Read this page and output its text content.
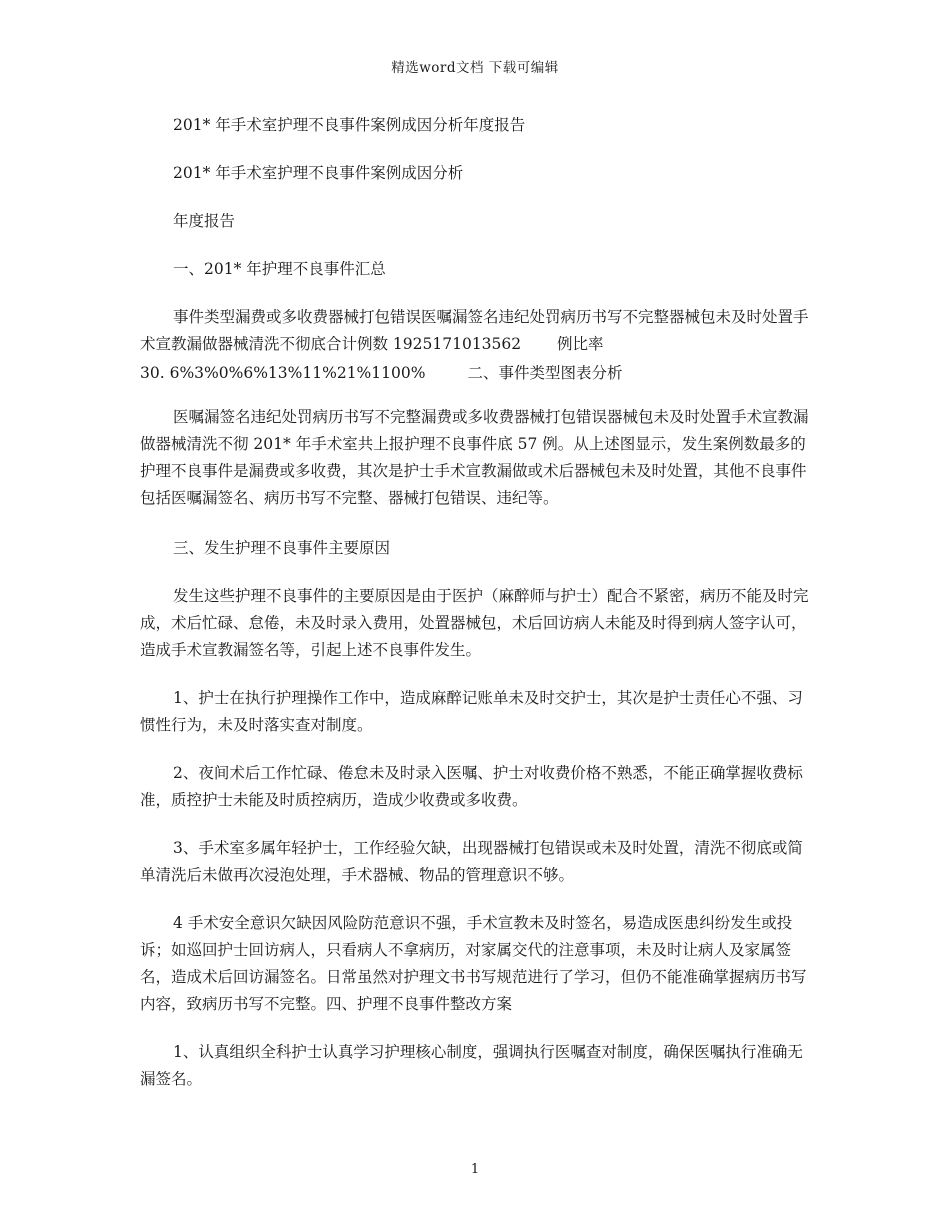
精选word文档 下载可编辑
201* 年手术室护理不良事件案例成因分析年度报告
201* 年手术室护理不良事件案例成因分析
年度报告
一、201* 年护理不良事件汇总
事件类型漏费或多收费器械打包错误医嘱漏签名违纪处罚病历书写不完整器械包未及时处置手术宣教漏做器械清洗不彻底合计例数 1925171013562 　　例比率
30. 6%3%0%6%13%11%21%1100%	二、事件类型图表分析
医嘱漏签名违纪处罚病历书写不完整漏费或多收费器械打包错误器械包未及时处置手术宣教漏做器械清洗不彻 201* 年手术室共上报护理不良事件底 57 例。从上述图显示，发生案例数最多的护理不良事件是漏费或多收费，其次是护士手术宣教漏做或术后器械包未及时处置，其他不良事件包括医嘱漏签名、病历书写不完整、器械打包错误、违纪等。
三、发生护理不良事件主要原因
发生这些护理不良事件的主要原因是由于医护（麻醉师与护士）配合不紧密，病历不能及时完成，术后忙碌、怠倦，未及时录入费用，处置器械包，术后回访病人未能及时得到病人签字认可，造成手术宣教漏签名等，引起上述不良事件发生。
1、护士在执行护理操作工作中，造成麻醉记账单未及时交护士，其次是护士责任心不强、习惯性行为，未及时落实查对制度。
2、夜间术后工作忙碌、倦怠未及时录入医嘱、护士对收费价格不熟悉，不能正确掌握收费标准，质控护士未能及时质控病历，造成少收费或多收费。
3、手术室多属年轻护士，工作经验欠缺，出现器械打包错误或未及时处置，清洗不彻底或简单清洗后未做再次浸泡处理，手术器械、物品的管理意识不够。
4 手术安全意识欠缺因风险防范意识不强，手术宣教未及时签名，易造成医患纠纷发生或投诉；如巡回护士回访病人，只看病人不拿病历，对家属交代的注意事项，未及时让病人及家属签名，造成术后回访漏签名。日常虽然对护理文书书写规范进行了学习，但仍不能准确掌握病历书写内容，致病历书写不完整。四、护理不良事件整改方案
1、认真组织全科护士认真学习护理核心制度，强调执行医嘱查对制度，确保医嘱执行准确无漏签名。
1
